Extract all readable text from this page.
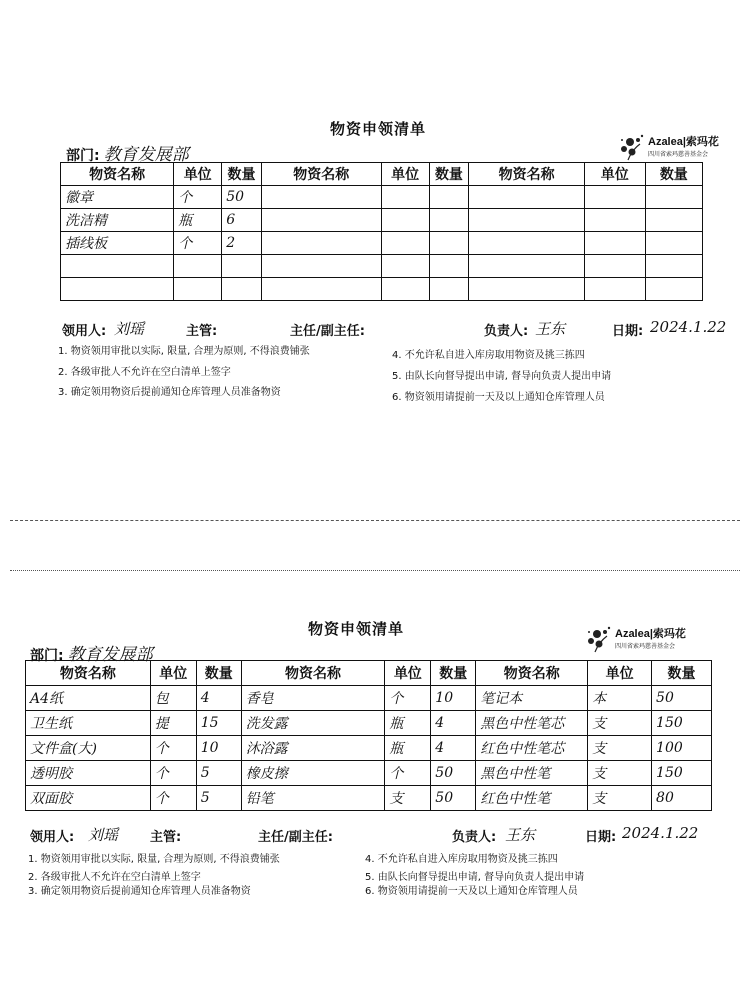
物资申领清单
Azalea|索玛花
四川省索玛慈善基金会
部门: 教育发展部
物资名称	单位	数量	物资名称	单位	数量	物资名称	单位	数量
徽章	个	50						
洗洁精	瓶	6						
插线板	个	2						

领用人: 刘瑶	主管:	主任/副主任:	负责人: 王东	日期: 2024.1.22
1. 物资领用审批以实际, 限量, 合理为原则, 不得浪费铺张
2. 各级审批人不允许在空白清单上签字
3. 确定领用物资后提前通知仓库管理人员准备物资
4. 不允许私自进入库房取用物资及挑三拣四
5. 由队长向督导提出申请, 督导向负责人提出申请
6. 物资领用请提前一天及以上通知仓库管理人员
物资申领清单	Azalea|索玛花
四川省索玛慈善基金会
部门: 教育发展部
物资名称	单位	数量	物资名称	单位	数量	物资名称	单位	数量
A4纸	包	4	香皂	个	10	笔记本	本	50
卫生纸	提	15	洗发露	瓶	4	黑色中性笔芯	支	150
文件盒(大)	个	10	沐浴露	瓶	4	红色中性笔芯	支	100
透明胶	个	5	橡皮擦	个	50	黑色中性笔	支	150
双面胶	个	5	铅笔	支	50	红色中性笔	支	80
领用人: 刘瑶 主管:	主任/副主任:	负责人: 王东	日期: 2024.1.22
1. 物资领用审批以实际, 限量, 合理为原则, 不得浪费铺张
2. 各级审批人不允许在空白清单上签字
3. 确定领用物资后提前通知仓库管理人员准备物资
4. 不允许私自进入库房取用物资及挑三拣四
5. 由队长向督导提出申请, 督导向负责人提出申请
6. 物资领用请提前一天及以上通知仓库管理人员
